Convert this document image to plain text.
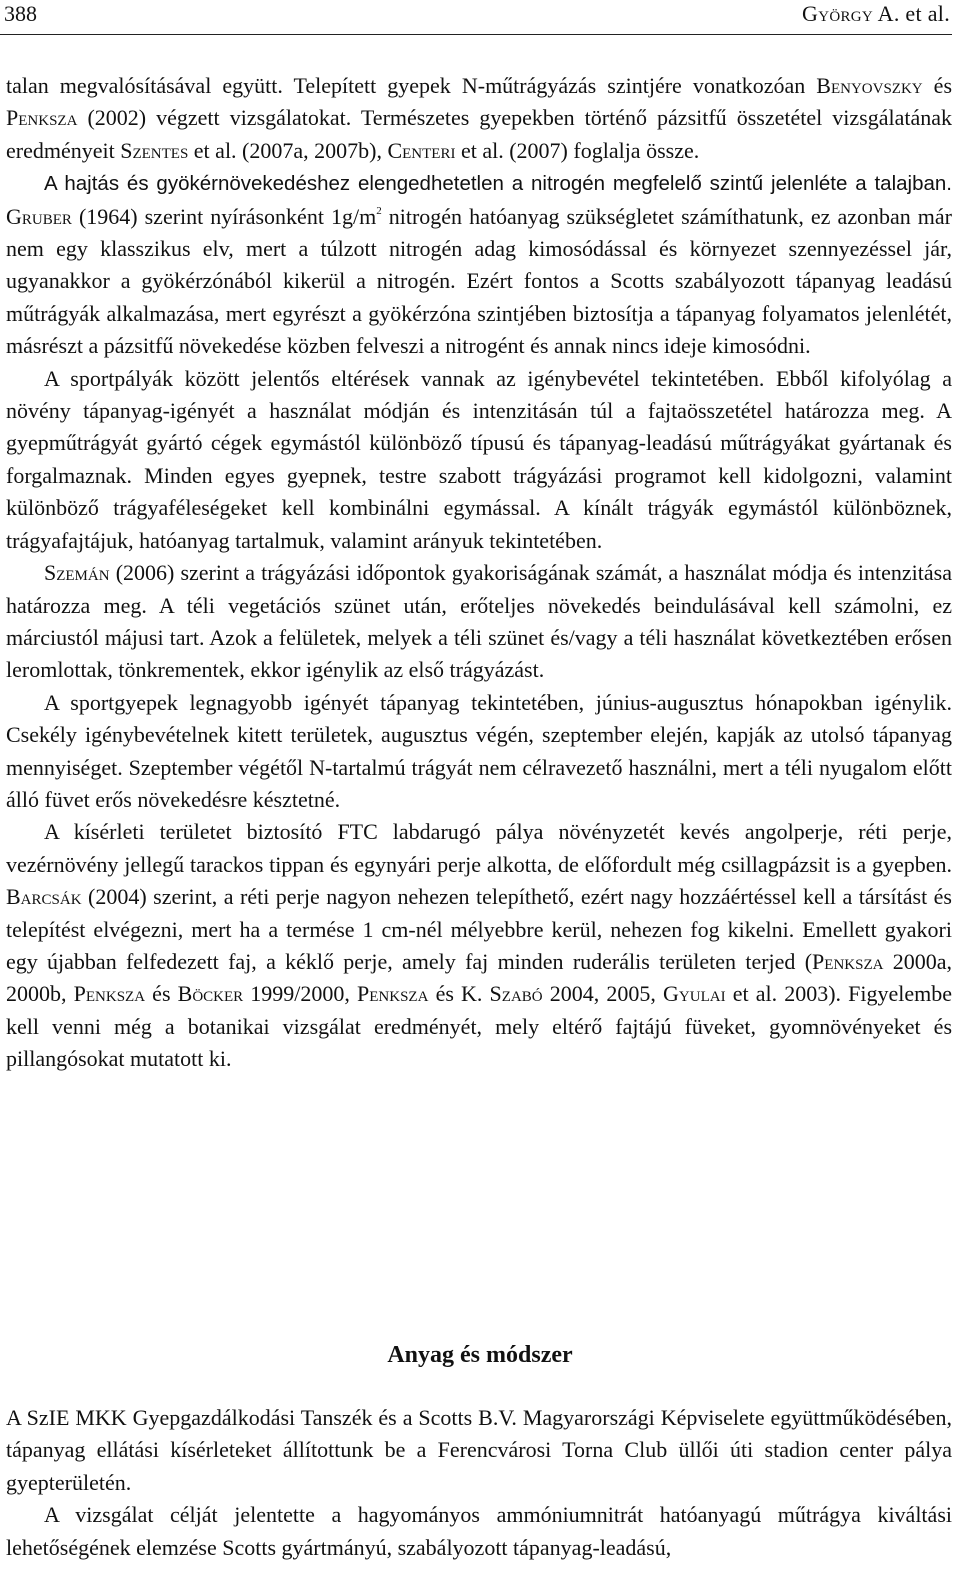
388	György A. et al.

talan megvalósításával együtt. Telepített gyepek N-műtrágyázás szintjére vonatkozóan Benyovszky és Penksza (2002) végzett vizsgálatokat. Természetes gyepekben történő pázsitfű összetétel vizsgálatának eredményeit Szentes et al. (2007a, 2007b), Centeri et al. (2007) foglalja össze.

A hajtás és gyökérnövekedéshez elengedhetetlen a nitrogén megfelelő szintű jelenléte a talajban. Gruber (1964) szerint nyírásonként $1g/m^2$ nitrogén hatóanyag szükségletet számíthatunk, ez azonban már nem egy klasszikus elv, mert a túlzott nitrogén adag kimosódással és környezet szennyezéssel jár, ugyanakkor a gyökérzónából kikerül a nitrogén. Ezért fontos a Scotts szabályozott tápanyag leadású műtrágyák alkalmazása, mert egyrészt a gyökérzóna szintjében biztosítja a tápanyag folyamatos jelenlétét, másrészt a pázsitfű növekedése közben felveszi a nitrogént és annak nincs ideje kimosódni.

A sportpályák között jelentős eltérések vannak az igénybevétel tekintetében. Ebből kifolyólag a növény tápanyag-igényét a használat módján és intenzitásán túl a fajtaösszetétel határozza meg. A gyepműtrágyát gyártó cégek egymástól különböző típusú és tápanyag-leadású műtrágyákat gyártanak és forgalmaznak. Minden egyes gyepnek, testre szabott trágyázási programot kell kidolgozni, valamint különböző trágyaféleségeket kell kombinálni egymással. A kínált trágyák egymástól különböznek, trágyafajtájuk, hatóanyag tartalmuk, valamint arányuk tekintetében.

Szemán (2006) szerint a trágyázási időpontok gyakoriságának számát, a használat módja és intenzitása határozza meg. A téli vegetációs szünet után, erőteljes növekedés beindulásával kell számolni, ez márciustól májusi tart. Azok a felületek, melyek a téli szünet és/vagy a téli használat következtében erősen leromlottak, tönkrementek, ekkor igénylik az első trágyázást.

A sportgyepek legnagyobb igényét tápanyag tekintetében, június-augusztus hónapokban igénylik. Csekély igénybevételnek kitett területek, augusztus végén, szeptember elején, kapják az utolsó tápanyag mennyiséget. Szeptember végétől N-tartalmú trágyát nem célravezető használni, mert a téli nyugalom előtt álló füvet erős növekedésre késztetné.

A kísérleti területet biztosító FTC labdarugó pálya növényzetét kevés angolperje, réti perje, vezérnövény jellegű tarackos tippan és egynyári perje alkotta, de előfordult még csillagpázsit is a gyepben. Barcsák (2004) szerint, a réti perje nagyon nehezen telepíthető, ezért nagy hozzáértéssel kell a társítást és telepítést elvégezni, mert ha a termése 1 cm-nél mélyebbre kerül, nehezen fog kikelni. Emellett gyakori egy újabban felfedezett faj, a kéklő perje, amely faj minden ruderális területen terjed (Penksza 2000a, 2000b, Penksza és Böcker 1999/2000, Penksza és K. Szabó 2004, 2005, Gyulai et al. 2003). Figyelembe kell venni még a botanikai vizsgálat eredményét, mely eltérő fajtájú füveket, gyomnövényeket és pillangósokat mutatott ki.

Anyag és módszer

A SzIE MKK Gyepgazdálkodási Tanszék és a Scotts B.V. Magyarországi Képviselete együttműködésében, tápanyag ellátási kísérleteket állítottunk be a Ferencvárosi Torna Club üllői úti stadion center pálya gyepterületén.

A vizsgálat célját jelentette a hagyományos ammóniumnitrát hatóanyagú műtrágya kiváltási lehetőségének elemzése Scotts gyártmányú, szabályozott tápanyag-leadású,
